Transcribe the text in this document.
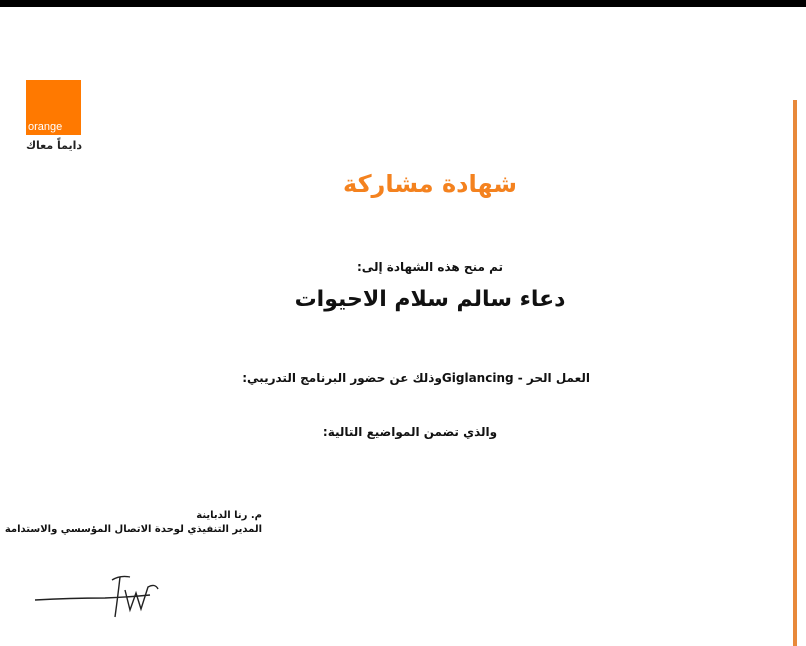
orange
دايماً معاك
شهادة مشاركة
تم منح هذه الشهادة إلى:
دعاء سالم سلام الاحيوات
العمل الحر - Giglancingوذلك عن حضور البرنامج التدريبي:
والذي تضمن المواضيع التالية:
م. رنا الدباينة
المدير التنفيذي لوحدة الاتصال المؤسسي والاستدامة
